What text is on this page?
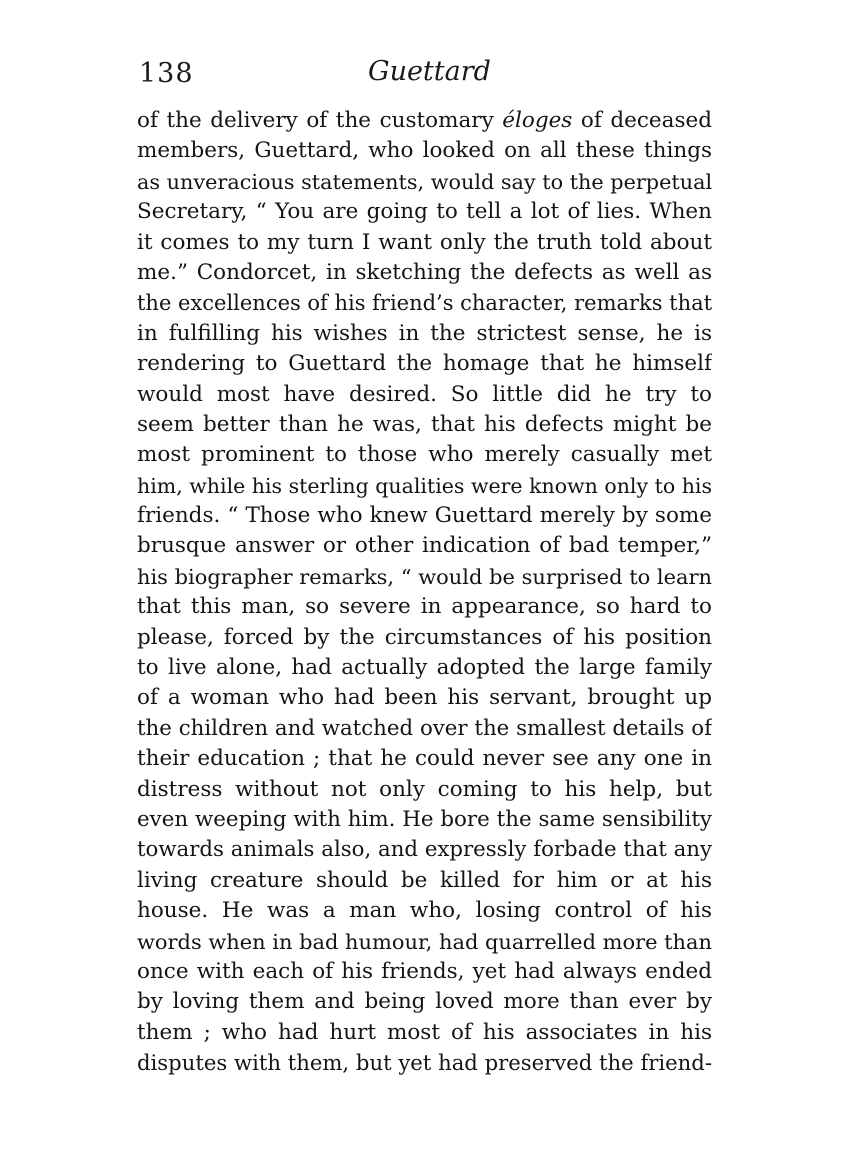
138	Guettard
of the delivery of the customary éloges of deceased
members, Guettard, who looked on all these things
as unveracious statements, would say to the perpetual
Secretary, “ You are going to tell a lot of lies. When
it comes to my turn I want only the truth told about
me.” Condorcet, in sketching the defects as well as
the excellences of his friend’s character, remarks that
in fulfilling his wishes in the strictest sense, he is
rendering to Guettard the homage that he himself
would most have desired. So little did he try to
seem better than he was, that his defects might be
most prominent to those who merely casually met
him, while his sterling qualities were known only to his
friends. “ Those who knew Guettard merely by some
brusque answer or other indication of bad temper,”
his biographer remarks, “ would be surprised to learn
that this man, so severe in appearance, so hard to
please, forced by the circumstances of his position
to live alone, had actually adopted the large family
of a woman who had been his servant, brought up
the children and watched over the smallest details of
their education ; that he could never see any one in
distress without not only coming to his help, but
even weeping with him. He bore the same sensibility
towards animals also, and expressly forbade that any
living creature should be killed for him or at his
house. He was a man who, losing control of his
words when in bad humour, had quarrelled more than
once with each of his friends, yet had always ended
by loving them and being loved more than ever by
them ; who had hurt most of his associates in his
disputes with them, but yet had preserved the friend-
